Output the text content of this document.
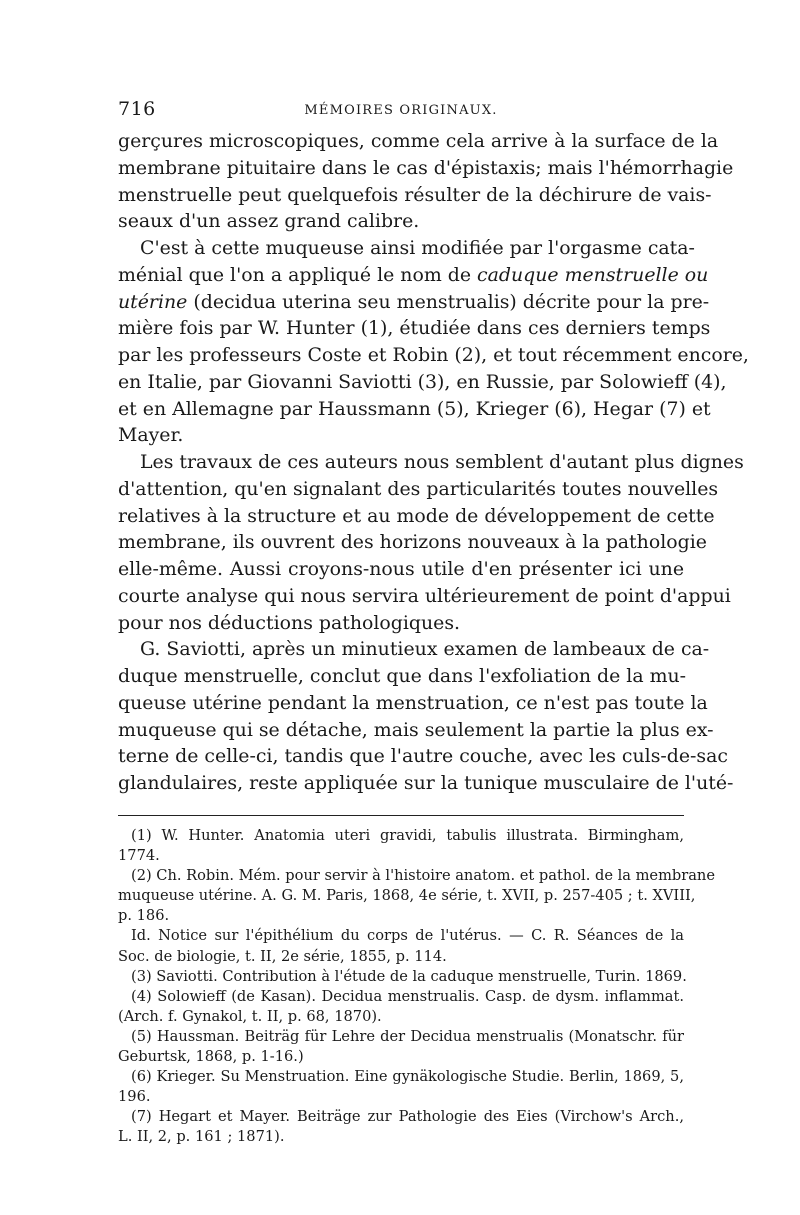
716	MÉMOIRES ORIGINAUX.
gerçures microscopiques, comme cela arrive à la surface de la
membrane pituitaire dans le cas d'épistaxis; mais l'hémorrhagie
menstruelle peut quelquefois résulter de la déchirure de vais-
seaux d'un assez grand calibre.
C'est à cette muqueuse ainsi modifiée par l'orgasme cata-
ménial que l'on a appliqué le nom de caduque menstruelle ou
utérine (decidua uterina seu menstrualis) décrite pour la pre-
mière fois par W. Hunter (1), étudiée dans ces derniers temps
par les professeurs Coste et Robin (2), et tout récemment encore,
en Italie, par Giovanni Saviotti (3), en Russie, par Solowieff (4),
et en Allemagne par Haussmann (5), Krieger (6), Hegar (7) et
Mayer.
Les travaux de ces auteurs nous semblent d'autant plus dignes
d'attention, qu'en signalant des particularités toutes nouvelles
relatives à la structure et au mode de développement de cette
membrane, ils ouvrent des horizons nouveaux à la pathologie
elle-même. Aussi croyons-nous utile d'en présenter ici une
courte analyse qui nous servira ultérieurement de point d'appui
pour nos déductions pathologiques.
G. Saviotti, après un minutieux examen de lambeaux de ca-
duque menstruelle, conclut que dans l'exfoliation de la mu-
queuse utérine pendant la menstruation, ce n'est pas toute la
muqueuse qui se détache, mais seulement la partie la plus ex-
terne de celle-ci, tandis que l'autre couche, avec les culs-de-sac
glandulaires, reste appliquée sur la tunique musculaire de l'uté-
(1) W. Hunter. Anatomia uteri gravidi, tabulis illustrata. Birmingham,
1774.
(2) Ch. Robin. Mém. pour servir à l'histoire anatom. et pathol. de la membrane
muqueuse utérine. A. G. M. Paris, 1868, 4e série, t. XVII, p. 257-405 ; t. XVIII,
p. 186.
Id. Notice sur l'épithélium du corps de l'utérus. — C. R. Séances de la
Soc. de biologie, t. II, 2e série, 1855, p. 114.
(3) Saviotti. Contribution à l'étude de la caduque menstruelle, Turin. 1869.
(4) Solowieff (de Kasan). Decidua menstrualis. Casp. de dysm. inflammat.
(Arch. f. Gynakol, t. II, p. 68, 1870).
(5) Haussman. Beiträg für Lehre der Decidua menstrualis (Monatschr. für
Geburtsk, 1868, p. 1-16.)
(6) Krieger. Su Menstruation. Eine gynäkologische Studie. Berlin, 1869, 5,
196.
(7) Hegart et Mayer. Beiträge zur Pathologie des Eies (Virchow's Arch.,
L. II, 2, p. 161 ; 1871).
